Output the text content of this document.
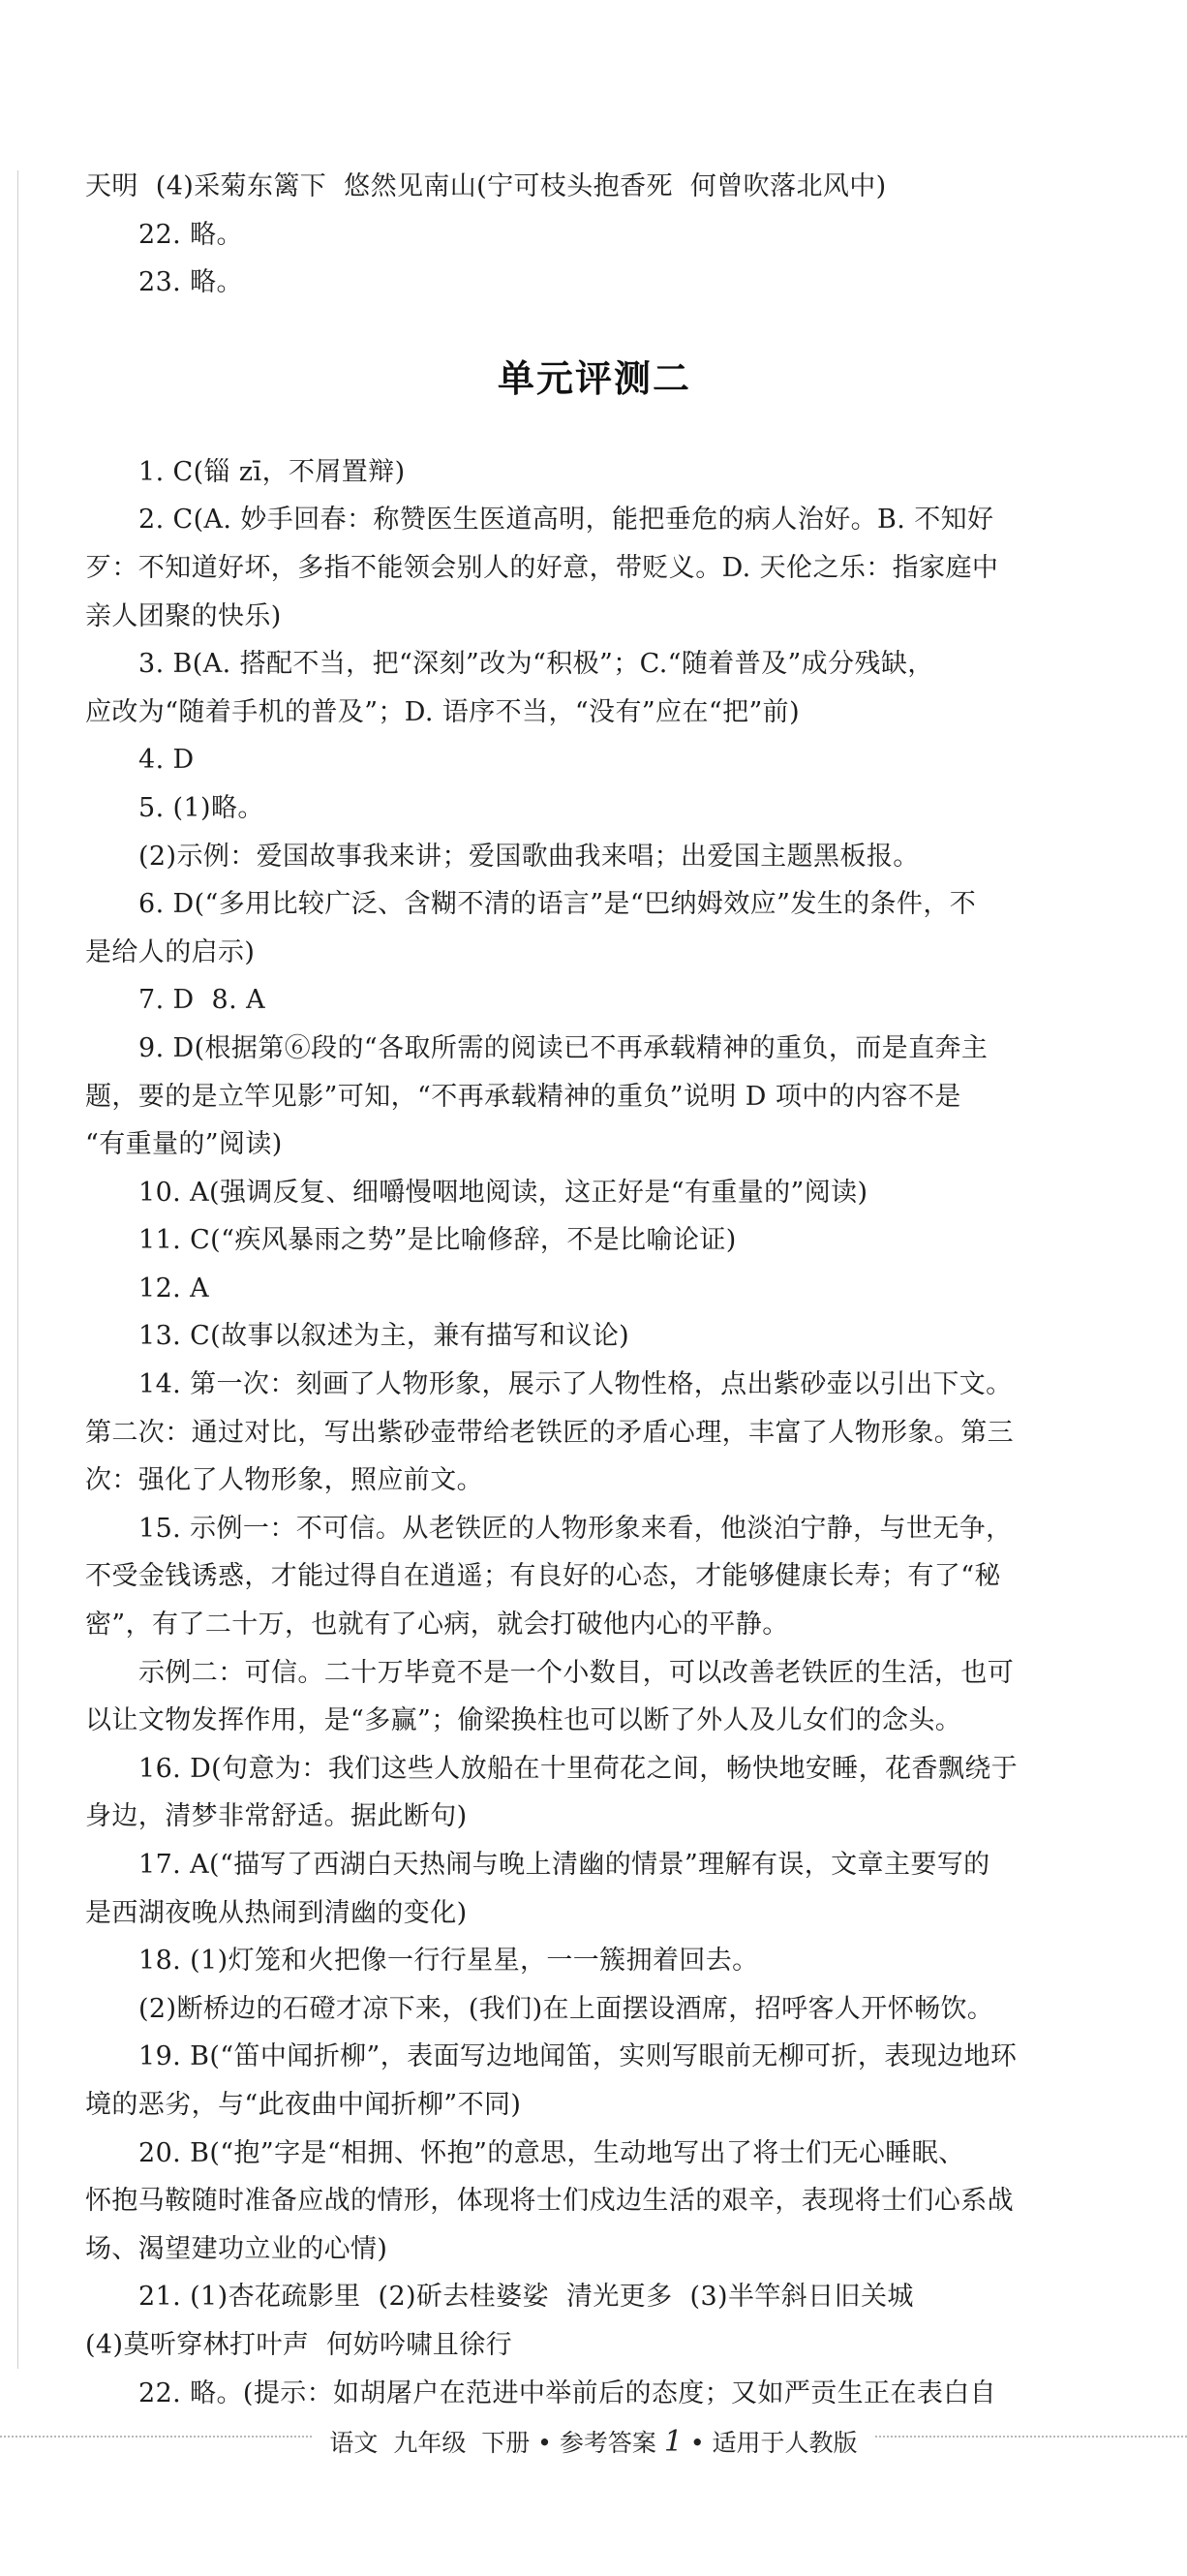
天明  (4)采菊东篱下  悠然见南山(宁可枝头抱香死  何曾吹落北风中)
22. 略。
23. 略。
单元评测二
1. C(锱 zī，不屑置辩)
2. C(A. 妙手回春：称赞医生医道高明，能把垂危的病人治好。B. 不知好
歹：不知道好坏，多指不能领会别人的好意，带贬义。D. 天伦之乐：指家庭中
亲人团聚的快乐)
3. B(A. 搭配不当，把“深刻”改为“积极”；C.“随着普及”成分残缺，
应改为“随着手机的普及”；D. 语序不当，“没有”应在“把”前)
4. D
5. (1)略。
(2)示例：爱国故事我来讲；爱国歌曲我来唱；出爱国主题黑板报。
6. D(“多用比较广泛、含糊不清的语言”是“巴纳姆效应”发生的条件，不
是给人的启示)
7. D  8. A
9. D(根据第⑥段的“各取所需的阅读已不再承载精神的重负，而是直奔主
题，要的是立竿见影”可知，“不再承载精神的重负”说明 D 项中的内容不是
“有重量的”阅读)
10. A(强调反复、细嚼慢咽地阅读，这正好是“有重量的”阅读)
11. C(“疾风暴雨之势”是比喻修辞，不是比喻论证)
12. A
13. C(故事以叙述为主，兼有描写和议论)
14. 第一次：刻画了人物形象，展示了人物性格，点出紫砂壶以引出下文。
第二次：通过对比，写出紫砂壶带给老铁匠的矛盾心理，丰富了人物形象。第三
次：强化了人物形象，照应前文。
15. 示例一：不可信。从老铁匠的人物形象来看，他淡泊宁静，与世无争，
不受金钱诱惑，才能过得自在逍遥；有良好的心态，才能够健康长寿；有了“秘
密”，有了二十万，也就有了心病，就会打破他内心的平静。
示例二：可信。二十万毕竟不是一个小数目，可以改善老铁匠的生活，也可
以让文物发挥作用，是“多赢”；偷梁换柱也可以断了外人及儿女们的念头。
16. D(句意为：我们这些人放船在十里荷花之间，畅快地安睡，花香飘绕于
身边，清梦非常舒适。据此断句)
17. A(“描写了西湖白天热闹与晚上清幽的情景”理解有误，文章主要写的
是西湖夜晚从热闹到清幽的变化)
18. (1)灯笼和火把像一行行星星，一一簇拥着回去。
(2)断桥边的石磴才凉下来，(我们)在上面摆设酒席，招呼客人开怀畅饮。
19. B(“笛中闻折柳”，表面写边地闻笛，实则写眼前无柳可折，表现边地环
境的恶劣，与“此夜曲中闻折柳”不同)
20. B(“抱”字是“相拥、怀抱”的意思，生动地写出了将士们无心睡眠、
怀抱马鞍随时准备应战的情形，体现将士们戍边生活的艰辛，表现将士们心系战
场、渴望建功立业的心情)
21. (1)杏花疏影里  (2)斫去桂婆娑  清光更多  (3)半竿斜日旧关城
(4)莫听穿林打叶声  何妨吟啸且徐行
22. 略。(提示：如胡屠户在范进中举前后的态度；又如严贡生正在表白自
语文  九年级  下册 • 参考答案 1 • 适用于人教版
